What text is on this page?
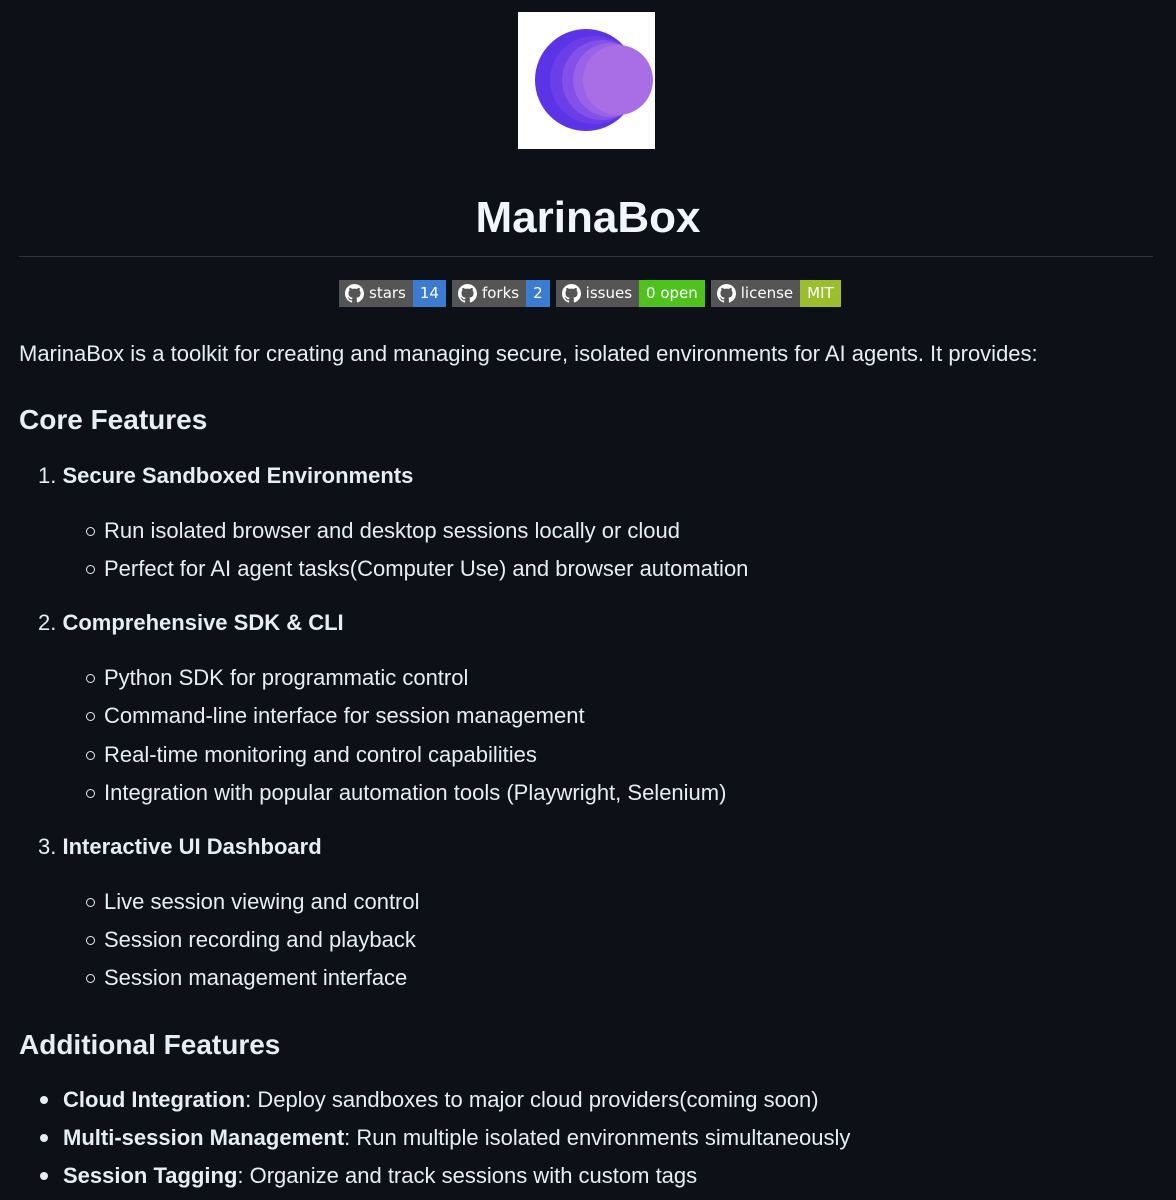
MarinaBox
stars 14	forks 2	issues 0 open	license MIT

MarinaBox is a toolkit for creating and managing secure, isolated environments for AI agents. It provides:

Core Features
1. Secure Sandboxed Environments
Run isolated browser and desktop sessions locally or cloud
Perfect for AI agent tasks(Computer Use) and browser automation
2. Comprehensive SDK & CLI
Python SDK for programmatic control
Command-line interface for session management
Real-time monitoring and control capabilities
Integration with popular automation tools (Playwright, Selenium)
3. Interactive UI Dashboard
Live session viewing and control
Session recording and playback
Session management interface
Additional Features
Cloud Integration : Deploy sandboxes to major cloud providers(coming soon)
Multi-session Management : Run multiple isolated environments simultaneously
Session Tagging : Organize and track sessions with custom tags
